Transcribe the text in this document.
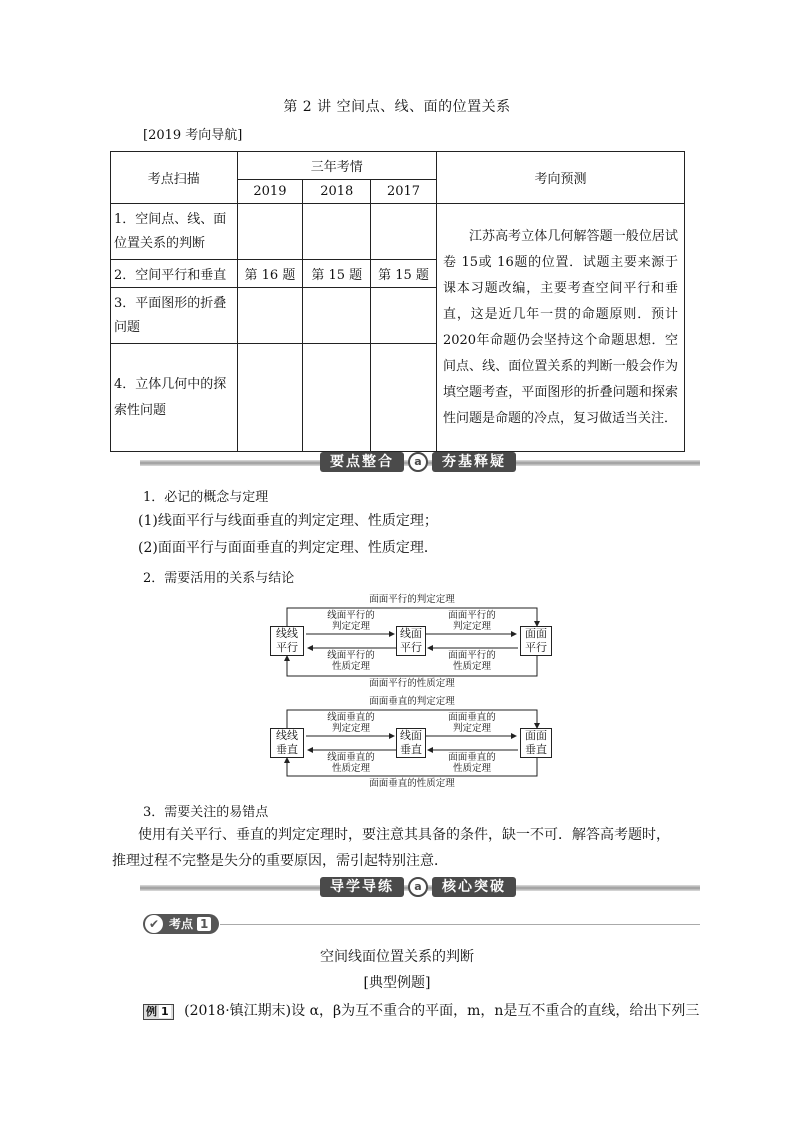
第 2 讲 空间点、线、面的位置关系
[2019 考向导航]
考点扫描	三年考情			考向预测
	2019	2018	2017	
1．空间点、线、面位置关系的判断				江苏高考立体几何解答题一般位居试卷 15或 16题的位置．试题主要来源于课本习题改编，主要考查空间平行和垂直，这是近几年一贯的命题原则．预计 2020年命题仍会坚持这个命题思想．空间点、线、面位置关系的判断一般会作为填空题考查，平面图形的折叠问题和探索性问题是命题的冷点，复习做适当关注．
2．空间平行和垂直	第 16 题	第 15 题	第 15 题	
3．平面图形的折叠问题				
4．立体几何中的探索性问题				
要点整合	a	夯基释疑
1．必记的概念与定理
(1)线面平行与线面垂直的判定定理、性质定理；
(2)面面平行与面面垂直的判定定理、性质定理．
2．需要活用的关系与结论
面面平行的判定定理
面面平行的性质定理
线线
平行
线面
平行
面面
平行
线面平行的
判定定理
线面平行的
性质定理
面面平行的
判定定理
面面平行的
性质定理
面面垂直的判定定理
面面垂直的性质定理
线线
垂直
线面
垂直
面面
垂直
线面垂直的
判定定理
线面垂直的
性质定理
面面垂直的
判定定理
面面垂直的
性质定理
3．需要关注的易错点
使用有关平行、垂直的判定定理时，要注意其具备的条件，缺一不可．解答高考题时，
推理过程不完整是失分的重要原因，需引起特别注意．
导学导练	a	核心突破
考点 1
✔
空间线面位置关系的判断
[典型例题]
例 1 (2018·镇江期末)设 α，β为互不重合的平面，m，n是互不重合的直线，给出下列三
